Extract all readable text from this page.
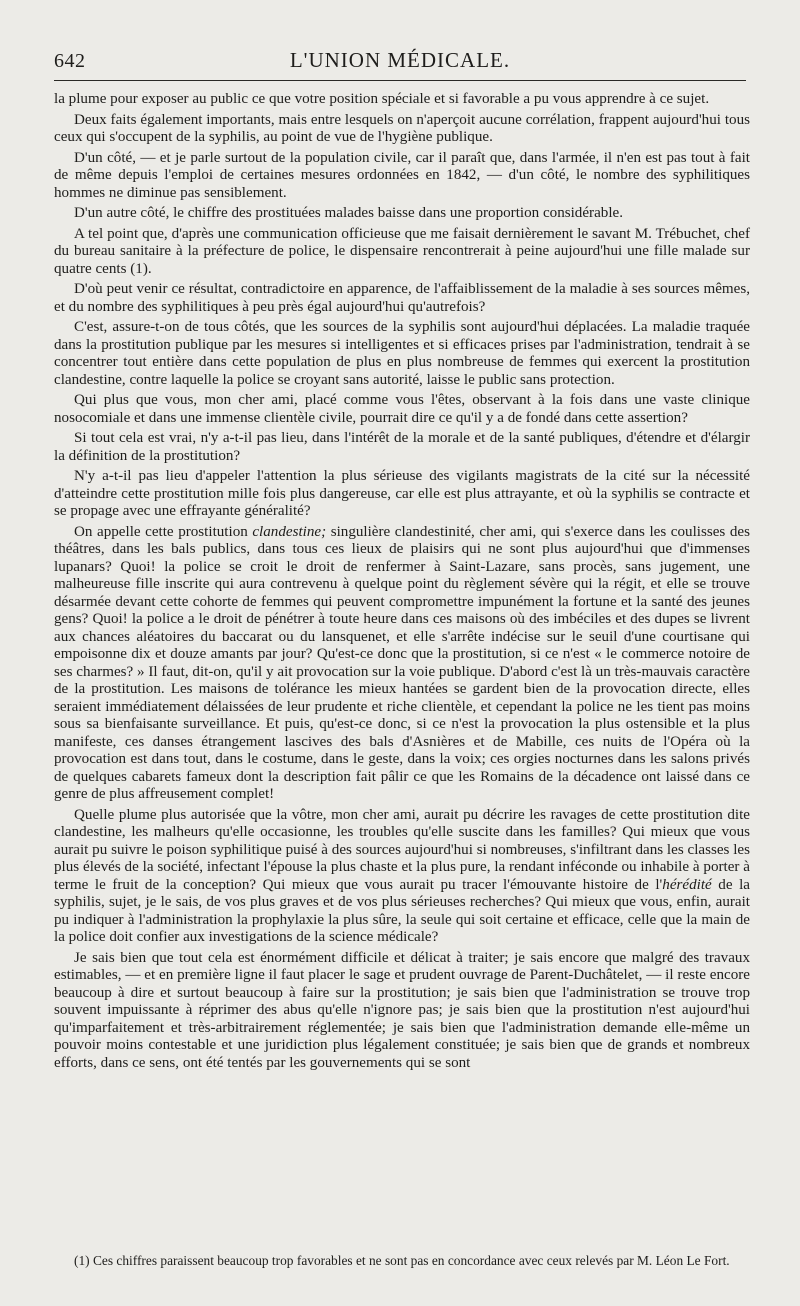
642	L'UNION MÉDICALE.

la plume pour exposer au public ce que votre position spéciale et si favorable a pu vous apprendre à ce sujet.

Deux faits également importants, mais entre lesquels on n'aperçoit aucune corrélation, frappent aujourd'hui tous ceux qui s'occupent de la syphilis, au point de vue de l'hygiène publique.

D'un côté, — et je parle surtout de la population civile, car il paraît que, dans l'armée, il n'en est pas tout à fait de même depuis l'emploi de certaines mesures ordonnées en 1842, — d'un côté, le nombre des syphilitiques hommes ne diminue pas sensiblement.

D'un autre côté, le chiffre des prostituées malades baisse dans une proportion considérable.

A tel point que, d'après une communication officieuse que me faisait dernièrement le savant M. Trébuchet, chef du bureau sanitaire à la préfecture de police, le dispensaire rencontrerait à peine aujourd'hui une fille malade sur quatre cents (1).

D'où peut venir ce résultat, contradictoire en apparence, de l'affaiblissement de la maladie à ses sources mêmes, et du nombre des syphilitiques à peu près égal aujourd'hui qu'autrefois?

C'est, assure-t-on de tous côtés, que les sources de la syphilis sont aujourd'hui déplacées. La maladie traquée dans la prostitution publique par les mesures si intelligentes et si efficaces prises par l'administration, tendrait à se concentrer tout entière dans cette population de plus en plus nombreuse de femmes qui exercent la prostitution clandestine, contre laquelle la police se croyant sans autorité, laisse le public sans protection.

Qui plus que vous, mon cher ami, placé comme vous l'êtes, observant à la fois dans une vaste clinique nosocomiale et dans une immense clientèle civile, pourrait dire ce qu'il y a de fondé dans cette assertion?

Si tout cela est vrai, n'y a-t-il pas lieu, dans l'intérêt de la morale et de la santé publiques, d'étendre et d'élargir la définition de la prostitution?

N'y a-t-il pas lieu d'appeler l'attention la plus sérieuse des vigilants magistrats de la cité sur la nécessité d'atteindre cette prostitution mille fois plus dangereuse, car elle est plus attrayante, et où la syphilis se contracte et se propage avec une effrayante généralité?

On appelle cette prostitution clandestine; singulière clandestinité, cher ami, qui s'exerce dans les coulisses des théâtres, dans les bals publics, dans tous ces lieux de plaisirs qui ne sont plus aujourd'hui que d'immenses lupanars? Quoi! la police se croit le droit de renfermer à Saint-Lazare, sans procès, sans jugement, une malheureuse fille inscrite qui aura contrevenu à quelque point du règlement sévère qui la régit, et elle se trouve désarmée devant cette cohorte de femmes qui peuvent compromettre impunément la fortune et la santé des jeunes gens? Quoi! la police a le droit de pénétrer à toute heure dans ces maisons où des imbéciles et des dupes se livrent aux chances aléatoires du baccarat ou du lansquenet, et elle s'arrête indécise sur le seuil d'une courtisane qui empoisonne dix et douze amants par jour? Qu'est-ce donc que la prostitution, si ce n'est « le commerce notoire de ses charmes? » Il faut, dit-on, qu'il y ait provocation sur la voie publique. D'abord c'est là un très-mauvais caractère de la prostitution. Les maisons de tolérance les mieux hantées se gardent bien de la provocation directe, elles seraient immédiatement délaissées de leur prudente et riche clientèle, et cependant la police ne les tient pas moins sous sa bienfaisante surveillance. Et puis, qu'est-ce donc, si ce n'est la provocation la plus ostensible et la plus manifeste, ces danses étrangement lascives des bals d'Asnières et de Mabille, ces nuits de l'Opéra où la provocation est dans tout, dans le costume, dans le geste, dans la voix; ces orgies nocturnes dans les salons privés de quelques cabarets fameux dont la description fait pâlir ce que les Romains de la décadence ont laissé dans ce genre de plus affreusement complet!

Quelle plume plus autorisée que la vôtre, mon cher ami, aurait pu décrire les ravages de cette prostitution dite clandestine, les malheurs qu'elle occasionne, les troubles qu'elle suscite dans les familles? Qui mieux que vous aurait pu suivre le poison syphilitique puisé à des sources aujourd'hui si nombreuses, s'infiltrant dans les classes les plus élevés de la société, infectant l'épouse la plus chaste et la plus pure, la rendant inféconde ou inhabile à porter à terme le fruit de la conception? Qui mieux que vous aurait pu tracer l'émouvante histoire de l'hérédité de la syphilis, sujet, je le sais, de vos plus graves et de vos plus sérieuses recherches? Qui mieux que vous, enfin, aurait pu indiquer à l'administration la prophylaxie la plus sûre, la seule qui soit certaine et efficace, celle que la main de la police doit confier aux investigations de la science médicale?

Je sais bien que tout cela est énormément difficile et délicat à traiter; je sais encore que malgré des travaux estimables, — et en première ligne il faut placer le sage et prudent ouvrage de Parent-Duchâtelet, — il reste encore beaucoup à dire et surtout beaucoup à faire sur la prostitution; je sais bien que l'administration se trouve trop souvent impuissante à réprimer des abus qu'elle n'ignore pas; je sais bien que la prostitution n'est aujourd'hui qu'imparfaitement et très-arbitrairement réglementée; je sais bien que l'administration demande elle-même un pouvoir moins contestable et une juridiction plus légalement constituée; je sais bien que de grands et nombreux efforts, dans ce sens, ont été tentés par les gouvernements qui se sont

(1) Ces chiffres paraissent beaucoup trop favorables et ne sont pas en concordance avec ceux relevés par M. Léon Le Fort.
